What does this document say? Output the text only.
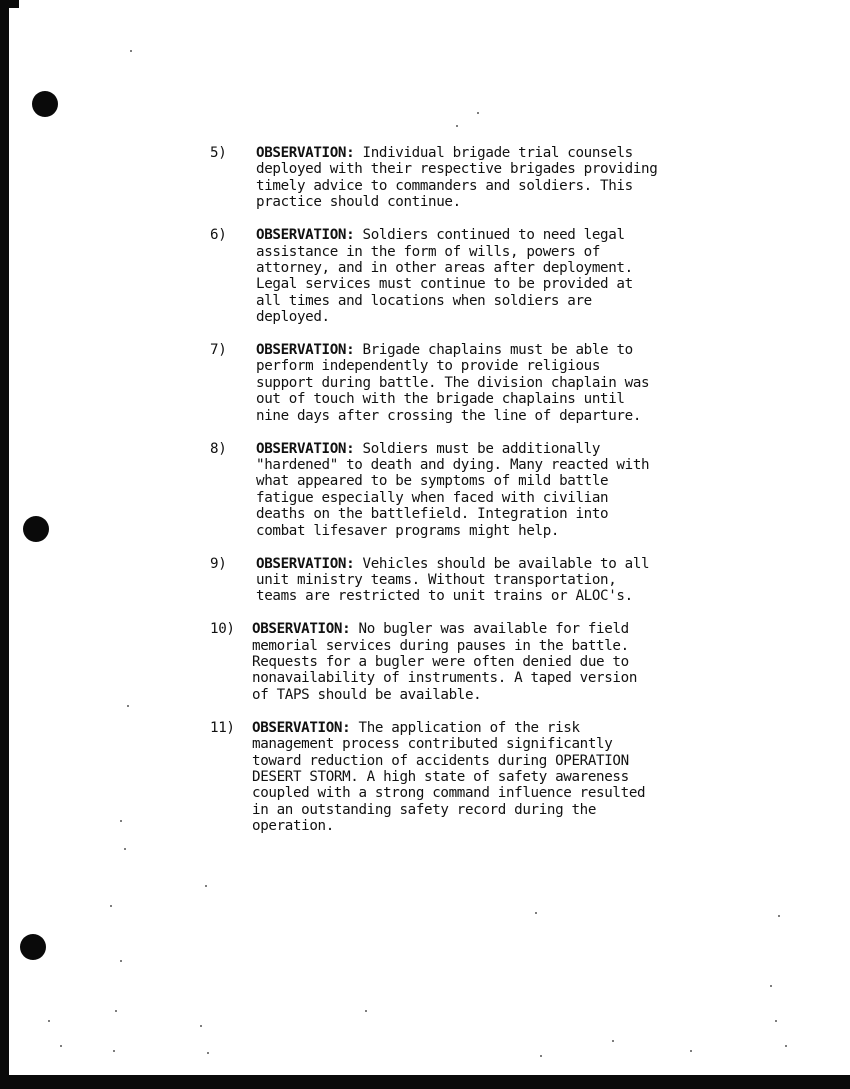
5)	OBSERVATION: Individual brigade trial counsels
deployed with their respective brigades providing
timely advice to commanders and soldiers. This
practice should continue.
6)	OBSERVATION: Soldiers continued to need legal
assistance in the form of wills, powers of
attorney, and in other areas after deployment.
Legal services must continue to be provided at
all times and locations when soldiers are
deployed.
7)	OBSERVATION: Brigade chaplains must be able to
perform independently to provide religious
support during battle. The division chaplain was
out of touch with the brigade chaplains until
nine days after crossing the line of departure.
8)	OBSERVATION: Soldiers must be additionally
"hardened" to death and dying. Many reacted with
what appeared to be symptoms of mild battle
fatigue especially when faced with civilian
deaths on the battlefield. Integration into
combat lifesaver programs might help.
9)	OBSERVATION: Vehicles should be available to all
unit ministry teams. Without transportation,
teams are restricted to unit trains or ALOC's.
10)	OBSERVATION: No bugler was available for field
memorial services during pauses in the battle.
Requests for a bugler were often denied due to
nonavailability of instruments. A taped version
of TAPS should be available.
11)	OBSERVATION: The application of the risk
management process contributed significantly
toward reduction of accidents during OPERATION
DESERT STORM. A high state of safety awareness
coupled with a strong command influence resulted
in an outstanding safety record during the
operation.
